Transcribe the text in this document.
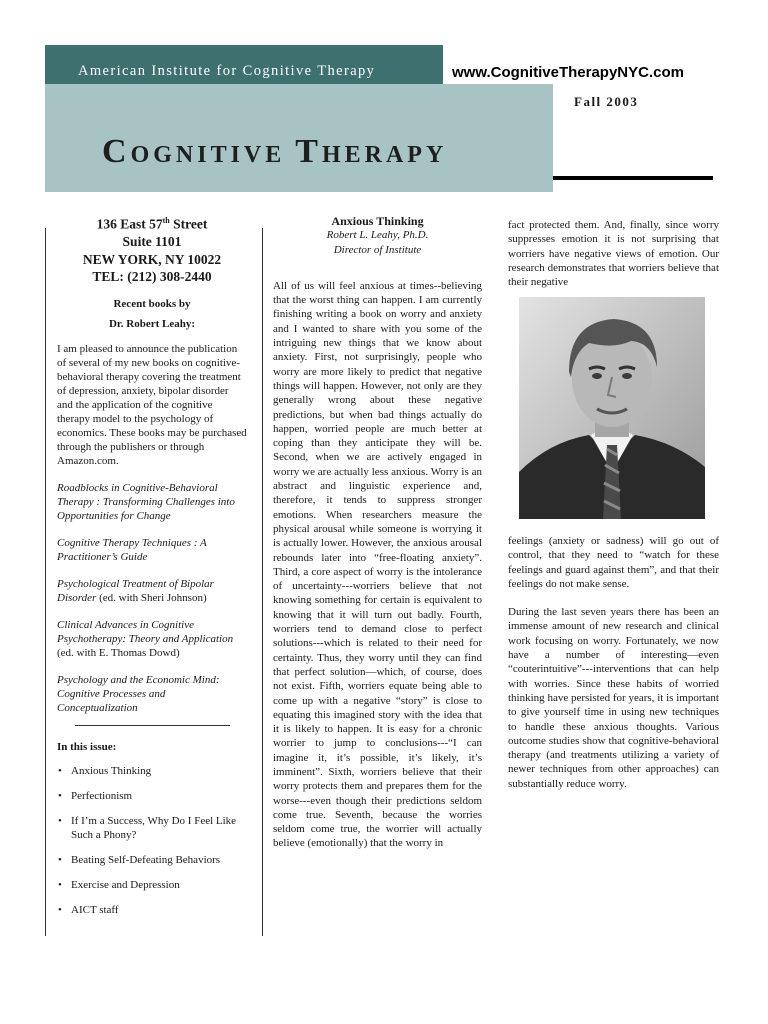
American Institute for Cognitive Therapy	www.CognitiveTherapyNYC.com
Fall 2003
COGNITIVE THERAPY
136 East 57th Street
Suite 1101
NEW YORK, NY 10022
TEL: (212) 308-2440
Recent books by
Dr. Robert Leahy:
I am pleased to announce the publication of several of my new books on cognitive-behavioral therapy covering the treatment of depression, anxiety, bipolar disorder and the application of the cognitive therapy model to the psychology of economics. These books may be purchased through the publishers or through Amazon.com.
Roadblocks in Cognitive-Behavioral Therapy : Transforming Challenges into Opportunities for Change
Cognitive Therapy Techniques : A Practitioner’s Guide
Psychological Treatment of Bipolar Disorder (ed. with Sheri Johnson)
Clinical Advances in Cognitive Psychotherapy: Theory and Application (ed. with E. Thomas Dowd)
Psychology and the Economic Mind: Cognitive Processes and Conceptualization
In this issue:
• Anxious Thinking
• Perfectionism
• If I’m a Success, Why Do I Feel Like Such a Phony?
• Beating Self-Defeating Behaviors
• Exercise and Depression
• AICT staff
Anxious Thinking
Robert L. Leahy, Ph.D.
Director of Institute
All of us will feel anxious at times--believing that the worst thing can happen. I am currently finishing writing a book on worry and anxiety and I wanted to share with you some of the intriguing new things that we know about anxiety. First, not surprisingly, people who worry are more likely to predict that negative things will happen. However, not only are they generally wrong about these negative predictions, but when bad things actually do happen, worried people are much better at coping than they anticipate they will be. Second, when we are actively engaged in worry we are actually less anxious. Worry is an abstract and linguistic experience and, therefore, it tends to suppress stronger emotions. When researchers measure the physical arousal while someone is worrying it is actually lower. However, the anxious arousal rebounds later into “free-floating anxiety”. Third, a core aspect of worry is the intolerance of uncertainty---worriers believe that not knowing something for certain is equivalent to knowing that it will turn out badly. Fourth, worriers tend to demand close to perfect solutions---which is related to their need for certainty. Thus, they worry until they can find that perfect solution—which, of course, does not exist. Fifth, worriers equate being able to come up with a negative “story” is close to equating this imagined story with the idea that it is likely to happen. It is easy for a chronic worrier to jump to conclusions---“I can imagine it, it’s possible, it’s likely, it’s imminent”. Sixth, worriers believe that their worry protects them and prepares them for the worse---even though their predictions seldom come true. Seventh, because the worries seldom come true, the worrier will actually believe (emotionally) that the worry in
fact protected them. And, finally, since worry suppresses emotion it is not surprising that worriers have negative views of emotion. Our research demonstrates that worriers believe that their negative

feelings (anxiety or sadness) will go out of control, that they need to “watch for these feelings and guard against them”, and that their feelings do not make sense.

During the last seven years there has been an immense amount of new research and clinical work focusing on worry. Fortunately, we now have a number of interesting—even “couterintuitive”---interventions that can help with worries. Since these habits of worried thinking have persisted for years, it is important to give yourself time in using new techniques to handle these anxious thoughts. Various outcome studies show that cognitive-behavioral therapy (and treatments utilizing a variety of newer techniques from other approaches) can substantially reduce worry.
